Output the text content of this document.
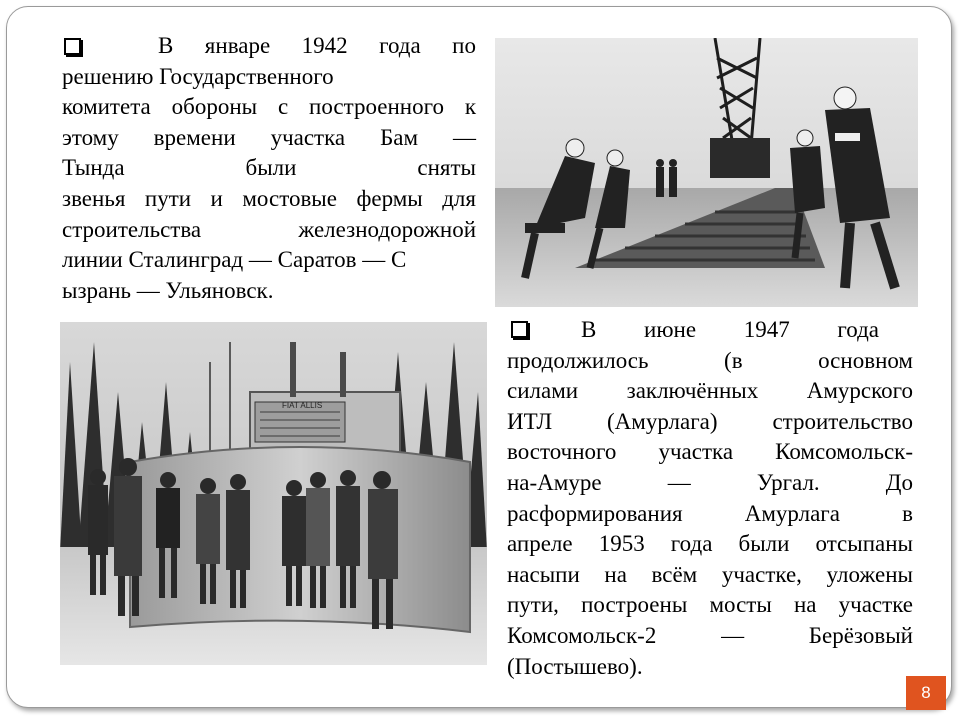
В январе 1942 года по
решению Государственного
комитета обороны с построенного к
этому времени участка Бам —
Тында были сняты
звенья пути и мостовые фермы для
строительства железнодорожной
линии Сталинград — Саратов — С
ызрань — Ульяновск.
FIAT ALLIS
В июне 1947 года
продолжилось (в основном
силами заключённых Амурского
ИТЛ (Амурлага) строительство
восточного участка Комсомольск-
на-Амуре — Ургал. До
расформирования Амурлага в
апреле 1953 года были отсыпаны
насыпи на всём участке, уложены
пути, построены мосты на участке
Комсомольск-2 — Берёзовый
(Постышево).
8
